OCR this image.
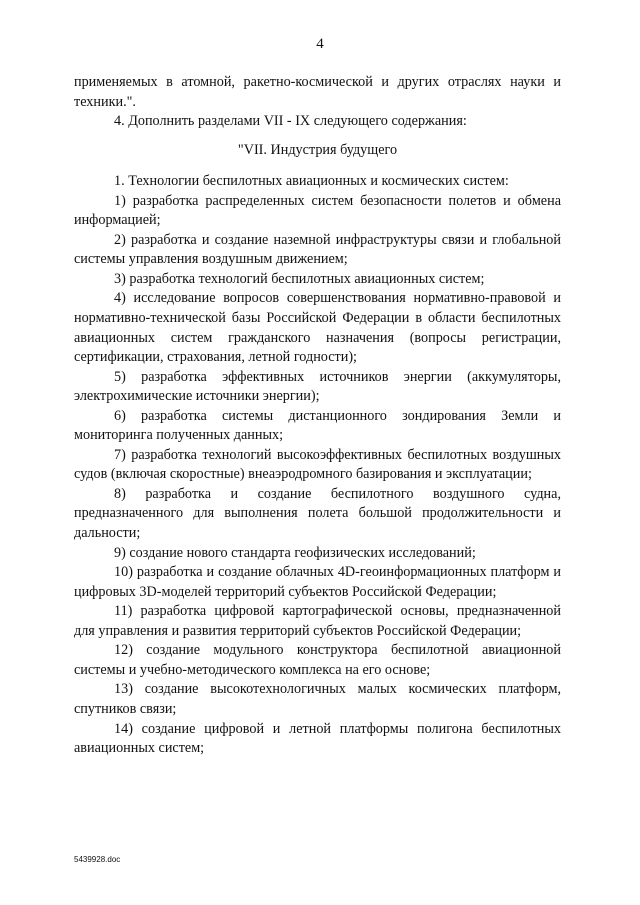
4

применяемых в атомной, ракетно-космической и других отраслях науки и техники.".

4. Дополнить разделами VII - IX следующего содержания:

"VII. Индустрия будущего

1. Технологии беспилотных авиационных и космических систем:

1) разработка распределенных систем безопасности полетов и обмена информацией;

2) разработка и создание наземной инфраструктуры связи и глобальной системы управления воздушным движением;

3) разработка технологий беспилотных авиационных систем;

4) исследование вопросов совершенствования нормативно-правовой и нормативно-технической базы Российской Федерации в области беспилотных авиационных систем гражданского назначения (вопросы регистрации, сертификации, страхования, летной годности);

5) разработка эффективных источников энергии (аккумуляторы, электрохимические источники энергии);

6) разработка системы дистанционного зондирования Земли и мониторинга полученных данных;

7) разработка технологий высокоэффективных беспилотных воздушных судов (включая скоростные) внеаэродромного базирования и эксплуатации;

8) разработка и создание беспилотного воздушного судна, предназначенного для выполнения полета большой продолжительности и дальности;

9) создание нового стандарта геофизических исследований;

10) разработка и создание облачных 4D-геоинформационных платформ и цифровых 3D-моделей территорий субъектов Российской Федерации;

11) разработка цифровой картографической основы, предназначенной для управления и развития территорий субъектов Российской Федерации;

12) создание модульного конструктора беспилотной авиационной системы и учебно-методического комплекса на его основе;

13) создание высокотехнологичных малых космических платформ, спутников связи;

14) создание цифровой и летной платформы полигона беспилотных авиационных систем;

5439928.doc
